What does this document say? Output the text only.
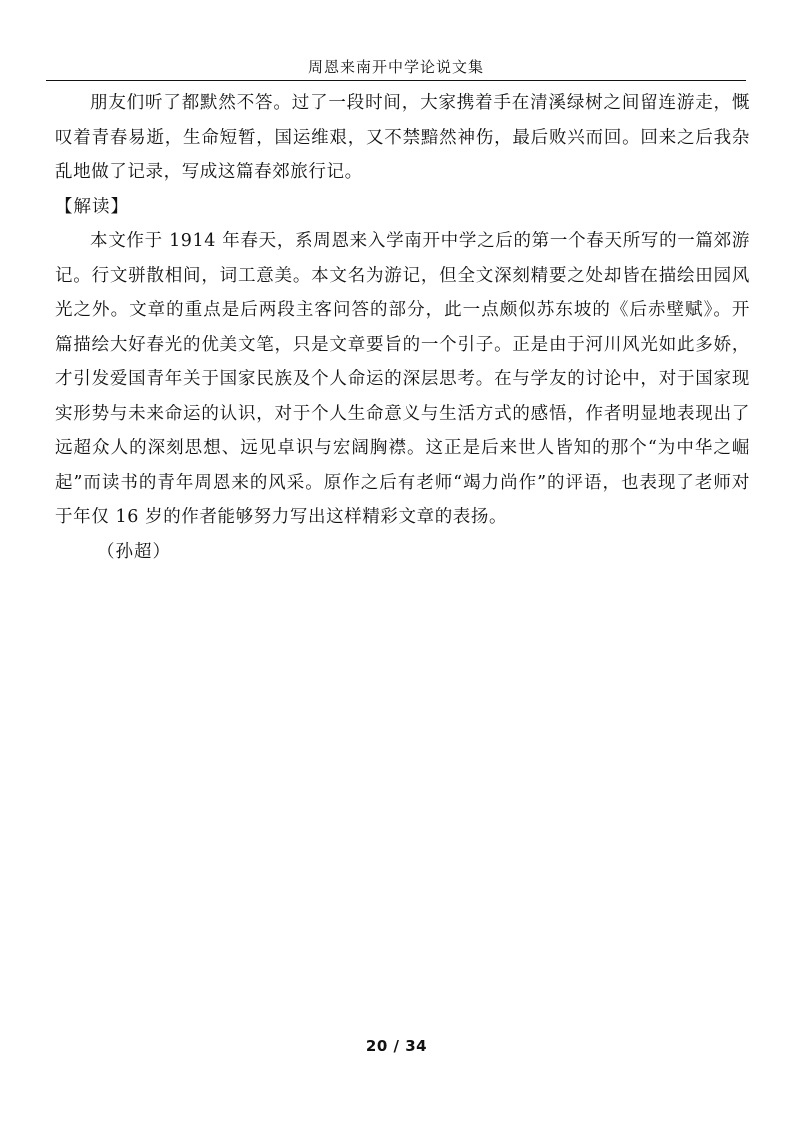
周恩来南开中学论说文集

朋友们听了都默然不答。过了一段时间，大家携着手在清溪绿树之间留连游走，慨叹着青春易逝，生命短暂，国运维艰，又不禁黯然神伤，最后败兴而回。回来之后我杂乱地做了记录，写成这篇春郊旅行记。

【解读】

本文作于 1914 年春天，系周恩来入学南开中学之后的第一个春天所写的一篇郊游记。行文骈散相间，词工意美。本文名为游记，但全文深刻精要之处却皆在描绘田园风光之外。文章的重点是后两段主客问答的部分，此一点颇似苏东坡的《后赤壁赋》。开篇描绘大好春光的优美文笔，只是文章要旨的一个引子。正是由于河川风光如此多娇，才引发爱国青年关于国家民族及个人命运的深层思考。在与学友的讨论中，对于国家现实形势与未来命运的认识，对于个人生命意义与生活方式的感悟，作者明显地表现出了远超众人的深刻思想、远见卓识与宏阔胸襟。这正是后来世人皆知的那个“为中华之崛起”而读书的青年周恩来的风采。原作之后有老师“竭力尚作”的评语，也表现了老师对于年仅 16 岁的作者能够努力写出这样精彩文章的表扬。

（孙超）

20 / 34
